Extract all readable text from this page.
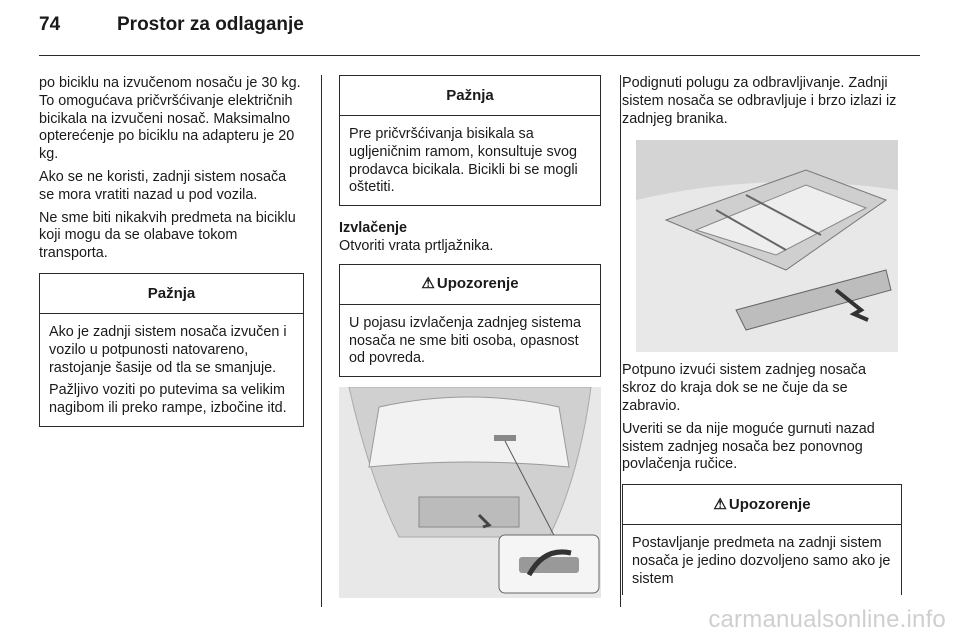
74	Prostor za odlaganje

po biciklu na izvučenom nosaču je 30 kg. To omogućava pričvršćivanje električnih bicikala na izvučeni nosač. Maksimalno opterećenje po biciklu na adapteru je 20 kg.

Ako se ne koristi, zadnji sistem nosača se mora vratiti nazad u pod vozila.

Ne sme biti nikakvih predmeta na biciklu koji mogu da se olabave tokom transporta.

Pažnja

Ako je zadnji sistem nosača izvučen i vozilo u potpunosti natovareno, rastojanje šasije od tla se smanjuje.

Pažljivo voziti po putevima sa velikim nagibom ili preko rampe, izbočine itd.

Pažnja

Pre pričvršćivanja bisikala sa ugljeničnim ramom, konsultuje svog prodavca bicikala. Bicikli bi se mogli oštetiti.

Izvlačenje

Otvoriti vrata prtljažnika.

⚠ Upozorenje

U pojasu izvlačenja zadnjeg sistema nosača ne sme biti osoba, opasnost od povreda.

Podignuti polugu za odbravljivanje. Zadnji sistem nosača se odbravljuje i brzo izlazi iz zadnjeg branika.

Potpuno izvući sistem zadnjeg nosača skroz do kraja dok se ne čuje da se zabravio.

Uveriti se da nije moguće gurnuti nazad sistem zadnjeg nosača bez ponovnog povlačenja ručice.

⚠ Upozorenje

Postavljanje predmeta na zadnji sistem nosača je jedino dozvoljeno samo ako je sistem

carmanualsonline.info
